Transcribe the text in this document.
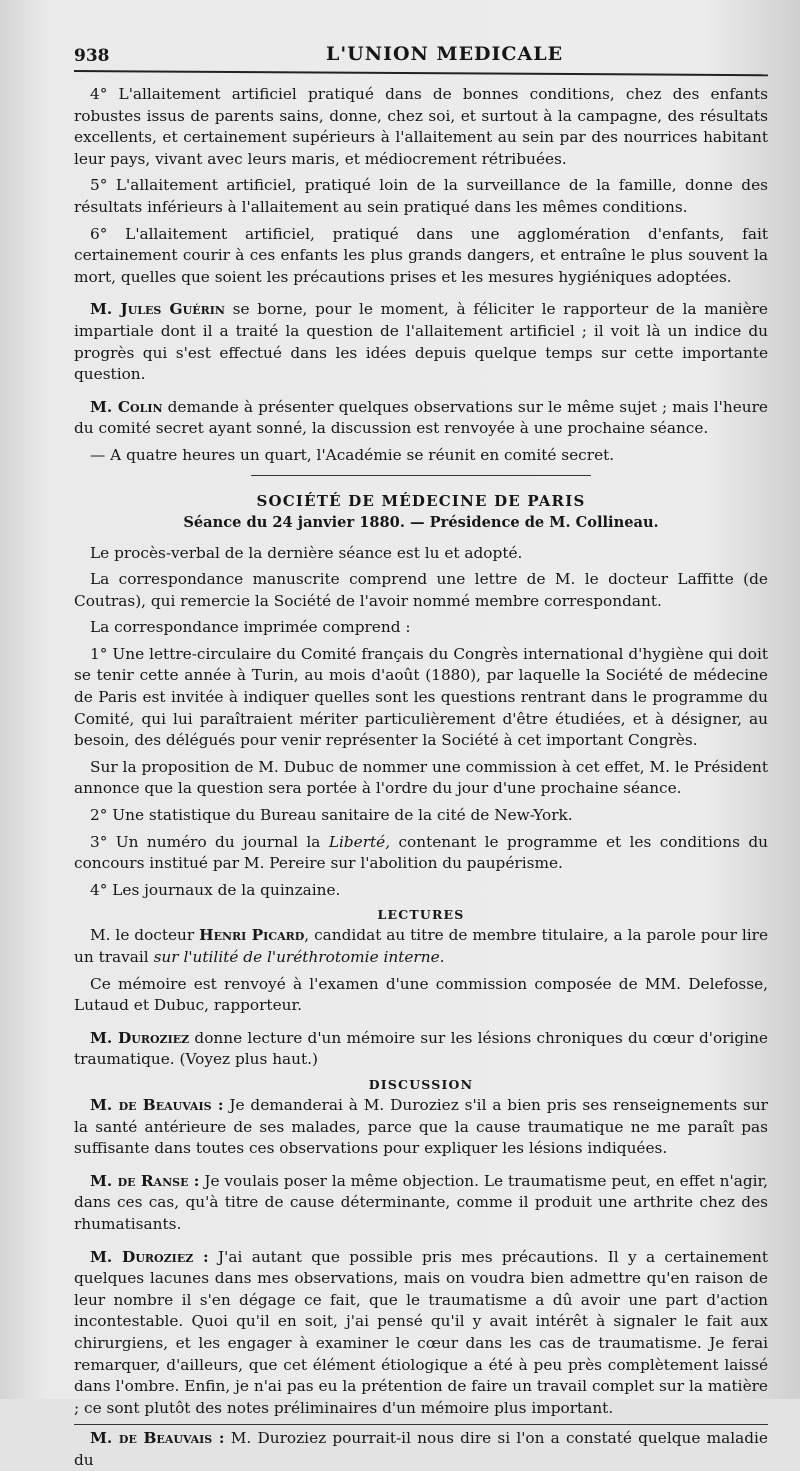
938	L'UNION MEDICALE

4° L'allaitement artificiel pratiqué dans de bonnes conditions, chez des enfants robustes issus de parents sains, donne, chez soi, et surtout à la campagne, des résultats excellents, et certainement supérieurs à l'allaitement au sein par des nourrices habitant leur pays, vivant avec leurs maris, et médiocrement rétribuées.

5° L'allaitement artificiel, pratiqué loin de la surveillance de la famille, donne des résultats inférieurs à l'allaitement au sein pratiqué dans les mêmes conditions.

6° L'allaitement artificiel, pratiqué dans une agglomération d'enfants, fait certainement courir à ces enfants les plus grands dangers, et entraîne le plus souvent la mort, quelles que soient les précautions prises et les mesures hygiéniques adoptées.

M. Jules Guérin se borne, pour le moment, à féliciter le rapporteur de la manière impartiale dont il a traité la question de l'allaitement artificiel ; il voit là un indice du progrès qui s'est effectué dans les idées depuis quelque temps sur cette importante question.

M. Colin demande à présenter quelques observations sur le même sujet ; mais l'heure du comité secret ayant sonné, la discussion est renvoyée à une prochaine séance.

— A quatre heures un quart, l'Académie se réunit en comité secret.

SOCIÉTÉ DE MÉDECINE DE PARIS
Séance du 24 janvier 1880. — Présidence de M. Collineau.

Le procès-verbal de la dernière séance est lu et adopté.

La correspondance manuscrite comprend une lettre de M. le docteur Laffitte (de Coutras), qui remercie la Société de l'avoir nommé membre correspondant.

La correspondance imprimée comprend :

1° Une lettre-circulaire du Comité français du Congrès international d'hygiène qui doit se tenir cette année à Turin, au mois d'août (1880), par laquelle la Société de médecine de Paris est invitée à indiquer quelles sont les questions rentrant dans le programme du Comité, qui lui paraîtraient mériter particulièrement d'être étudiées, et à désigner, au besoin, des délégués pour venir représenter la Société à cet important Congrès.

Sur la proposition de M. Dubuc de nommer une commission à cet effet, M. le Président annonce que la question sera portée à l'ordre du jour d'une prochaine séance.

2° Une statistique du Bureau sanitaire de la cité de New-York.

3° Un numéro du journal la Liberté, contenant le programme et les conditions du concours institué par M. Pereire sur l'abolition du paupérisme.

4° Les journaux de la quinzaine.

LECTURES

M. le docteur Henri Picard, candidat au titre de membre titulaire, a la parole pour lire un travail sur l'utilité de l'uréthrotomie interne.

Ce mémoire est renvoyé à l'examen d'une commission composée de MM. Delefosse, Lutaud et Dubuc, rapporteur.

M. Duroziez donne lecture d'un mémoire sur les lésions chroniques du cœur d'origine traumatique. (Voyez plus haut.)

DISCUSSION

M. de Beauvais : Je demanderai à M. Duroziez s'il a bien pris ses renseignements sur la santé antérieure de ses malades, parce que la cause traumatique ne me paraît pas suffisante dans toutes ces observations pour expliquer les lésions indiquées.

M. de Ranse : Je voulais poser la même objection. Le traumatisme peut, en effet n'agir, dans ces cas, qu'à titre de cause déterminante, comme il produit une arthrite chez des rhumatisants.

M. Duroziez : J'ai autant que possible pris mes précautions. Il y a certainement quelques lacunes dans mes observations, mais on voudra bien admettre qu'en raison de leur nombre il s'en dégage ce fait, que le traumatisme a dû avoir une part d'action incontestable. Quoi qu'il en soit, j'ai pensé qu'il y avait intérêt à signaler le fait aux chirurgiens, et les engager à examiner le cœur dans les cas de traumatisme. Je ferai remarquer, d'ailleurs, que cet élément étiologique a été à peu près complètement laissé dans l'ombre. Enfin, je n'ai pas eu la prétention de faire un travail complet sur la matière ; ce sont plutôt des notes préliminaires d'un mémoire plus important.

M. de Beauvais : M. Duroziez pourrait-il nous dire si l'on a constaté quelque maladie du
